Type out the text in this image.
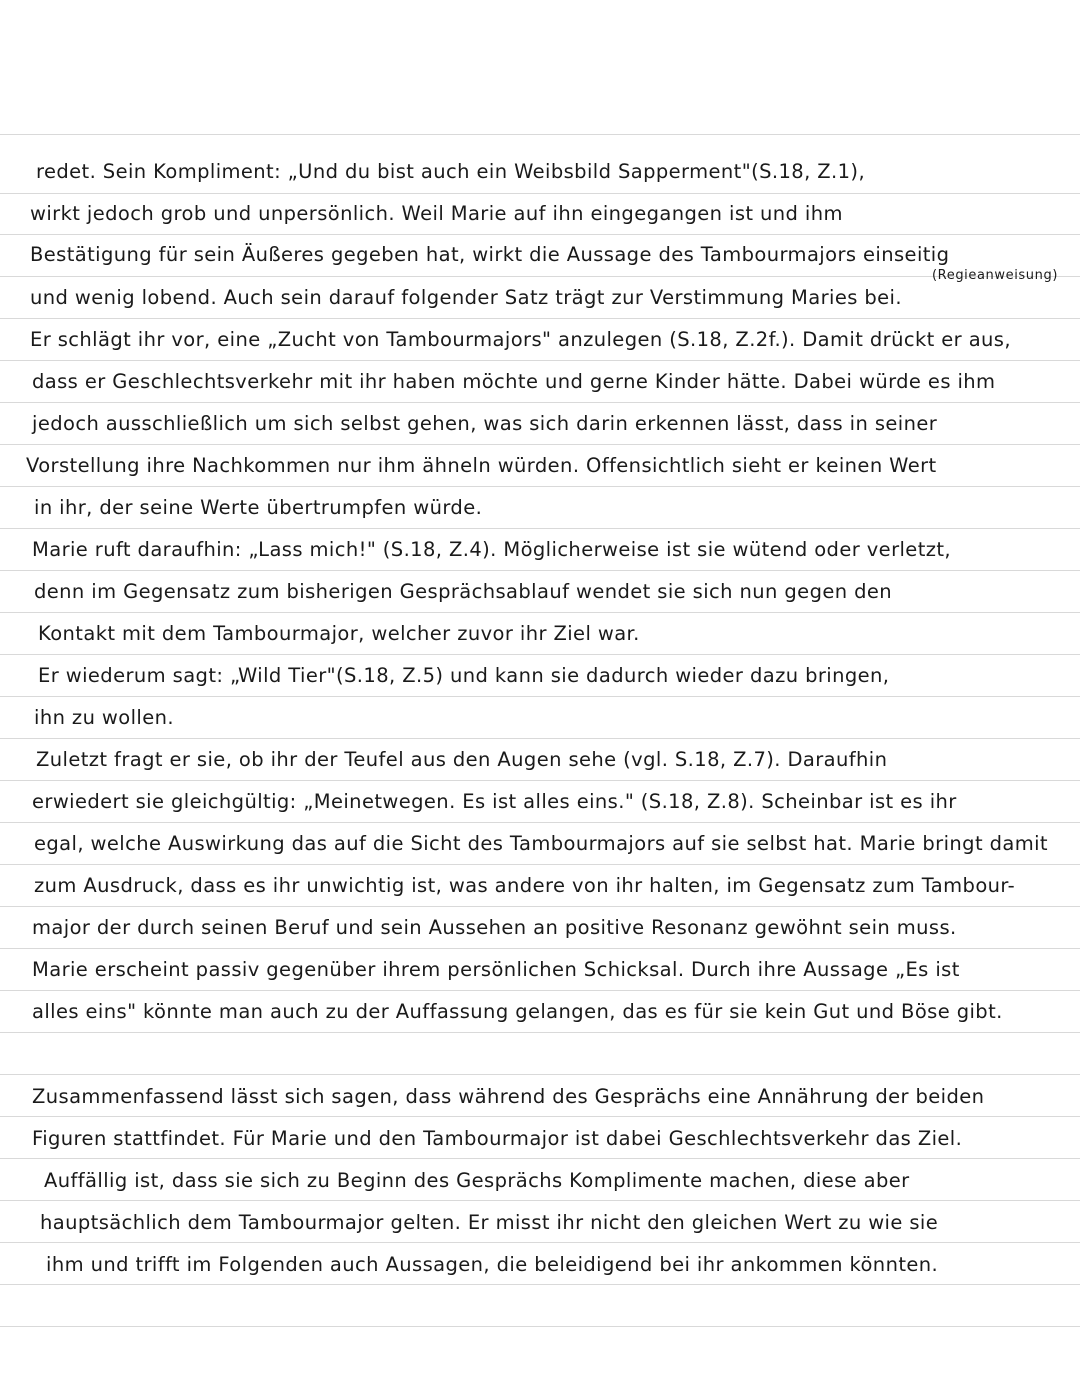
redet. Sein Kompliment: „Und du bist auch ein Weibsbild Sapperment"(S.18, Z.1),
wirkt jedoch grob und unpersönlich. Weil Marie auf ihn eingegangen ist und ihm
Bestätigung für sein Äußeres gegeben hat, wirkt die Aussage des Tambourmajors einseitig
(Regieanweisung)
und wenig lobend. Auch sein darauf folgender Satz trägt zur Verstimmung Maries bei.
Er schlägt ihr vor, eine „Zucht von Tambourmajors" anzulegen (S.18, Z.2f.). Damit drückt er aus,
dass er Geschlechtsverkehr mit ihr haben möchte und gerne Kinder hätte. Dabei würde es ihm
jedoch ausschließlich um sich selbst gehen, was sich darin erkennen lässt, dass in seiner
Vorstellung ihre Nachkommen nur ihm ähneln würden. Offensichtlich sieht er keinen Wert
in ihr, der seine Werte übertrumpfen würde.
Marie ruft daraufhin: „Lass mich!" (S.18, Z.4). Möglicherweise ist sie wütend oder verletzt,
denn im Gegensatz zum bisherigen Gesprächsablauf wendet sie sich nun gegen den
Kontakt mit dem Tambourmajor, welcher zuvor ihr Ziel war.
Er wiederum sagt: „Wild Tier"(S.18, Z.5) und kann sie dadurch wieder dazu bringen,
ihn zu wollen.
Zuletzt fragt er sie, ob ihr der Teufel aus den Augen sehe (vgl. S.18, Z.7). Daraufhin
erwiedert sie gleichgültig: „Meinetwegen. Es ist alles eins." (S.18, Z.8). Scheinbar ist es ihr
egal, welche Auswirkung das auf die Sicht des Tambourmajors auf sie selbst hat. Marie bringt damit
zum Ausdruck, dass es ihr unwichtig ist, was andere von ihr halten, im Gegensatz zum Tambour-
major der durch seinen Beruf und sein Aussehen an positive Resonanz gewöhnt sein muss.
Marie erscheint passiv gegenüber ihrem persönlichen Schicksal. Durch ihre Aussage „Es ist
alles eins" könnte man auch zu der Auffassung gelangen, das es für sie kein Gut und Böse gibt.
Zusammenfassend lässt sich sagen, dass während des Gesprächs eine Annährung der beiden
Figuren stattfindet. Für Marie und den Tambourmajor ist dabei Geschlechtsverkehr das Ziel.
Auffällig ist, dass sie sich zu Beginn des Gesprächs Komplimente machen, diese aber
hauptsächlich dem Tambourmajor gelten. Er misst ihr nicht den gleichen Wert zu wie sie
ihm und trifft im Folgenden auch Aussagen, die beleidigend bei ihr ankommen könnten.
